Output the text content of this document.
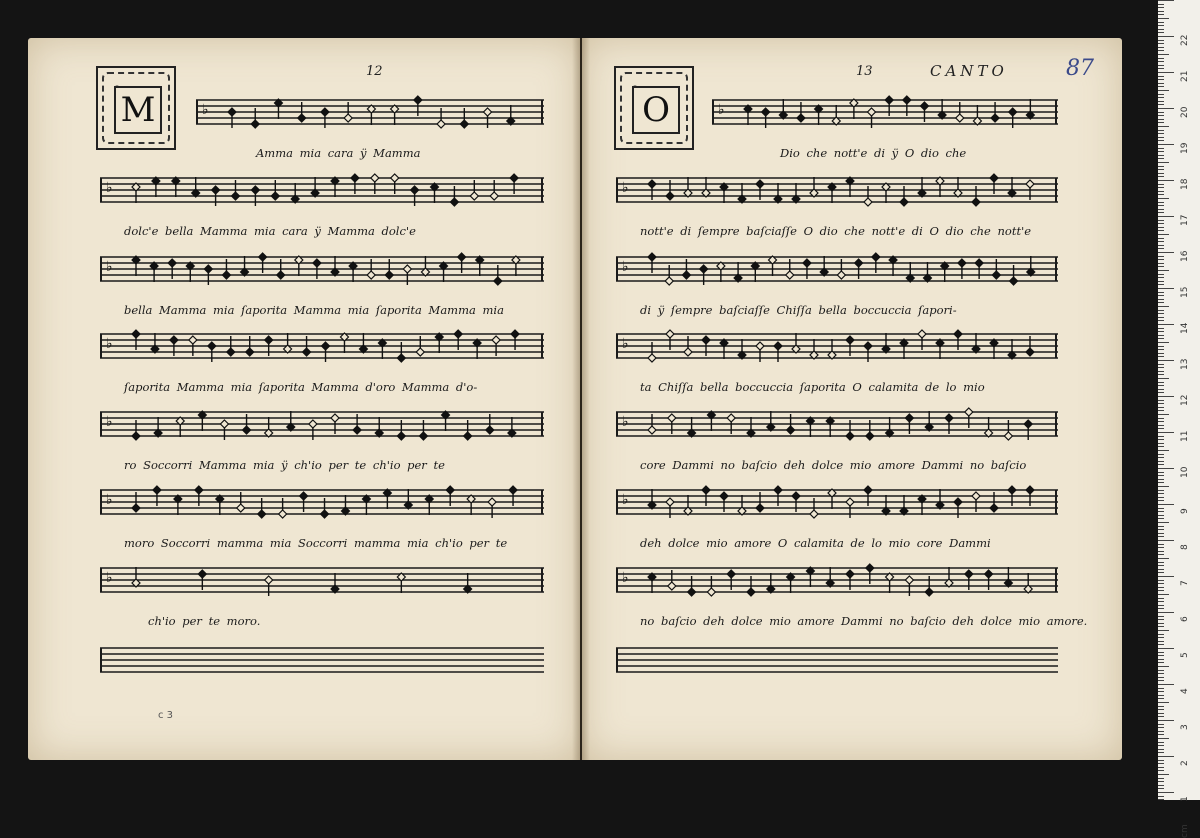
M
12
O
13	CANTO	87
♭
Amma mia cara ÿ Mamma
♭
dolc'e bella Mamma mia cara ÿ Mamma dolc'e
♭
bella Mamma mia ſaporita Mamma mia ſaporita Mamma mia
♭
ſaporita Mamma mia ſaporita Mamma d'oro Mamma d'o-
♭
ro Soccorri Mamma mia ÿ ch'io per te ch'io per te
♭
moro Soccorri mamma mia Soccorri mamma mia ch'io per te
♭
ch'io per te moro.
c 3
♭
Dio che nott'e di ÿ O dio che
♭
nott'e di ſempre baſciaſſe O dio che nott'e di O dio che nott'e
♭
di ÿ ſempre baſciaſſe Chiſſa bella boccuccia ſapori-
♭
ta Chiſſa bella boccuccia ſaporita O calamita de lo mio
♭
core Dammi no baſcio deh dolce mio amore Dammi no baſcio
♭
deh dolce mio amore O calamita de lo mio core Dammi
♭
no baſcio deh dolce mio amore Dammi no baſcio deh dolce mio amore.
22
21
20
19
18
17
16
15
14
13
12
11
10
9
8
7
6
5
4
3
2
1
cm
